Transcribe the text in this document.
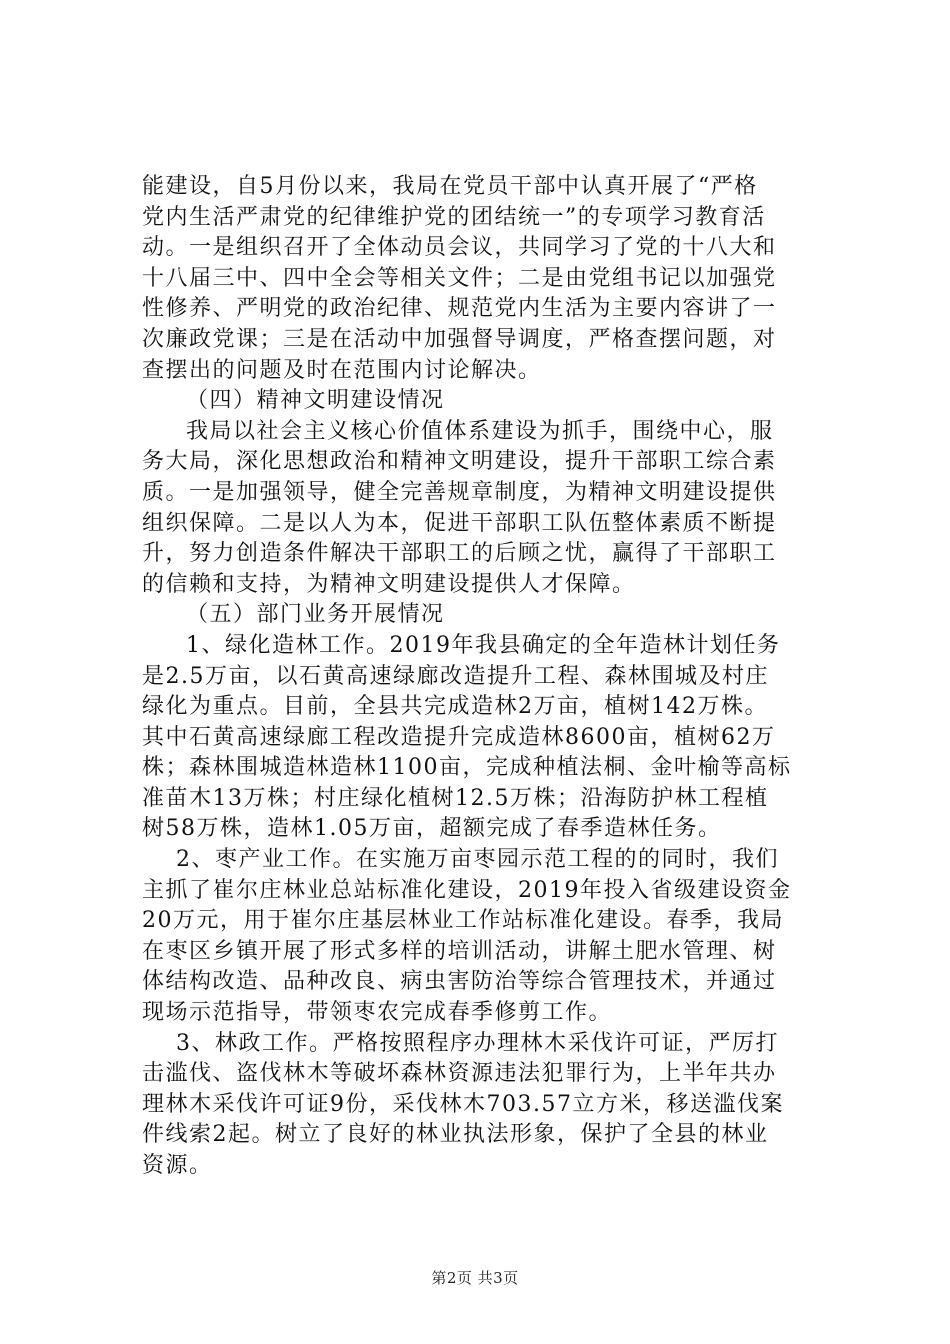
能建设，自5月份以来，我局在党员干部中认真开展了“严格
党内生活严肃党的纪律维护党的团结统一”的专项学习教育活
动。一是组织召开了全体动员会议，共同学习了党的十八大和
十八届三中、四中全会等相关文件；二是由党组书记以加强党
性修养、严明党的政治纪律、规范党内生活为主要内容讲了一
次廉政党课；三是在活动中加强督导调度，严格查摆问题，对
查摆出的问题及时在范围内讨论解决。
（四）精神文明建设情况
我局以社会主义核心价值体系建设为抓手，围绕中心，服
务大局，深化思想政治和精神文明建设，提升干部职工综合素
质。一是加强领导，健全完善规章制度，为精神文明建设提供
组织保障。二是以人为本，促进干部职工队伍整体素质不断提
升，努力创造条件解决干部职工的后顾之忧，赢得了干部职工
的信赖和支持，为精神文明建设提供人才保障。
（五）部门业务开展情况
1、绿化造林工作。2019年我县确定的全年造林计划任务
是2.5万亩，以石黄高速绿廊改造提升工程、森林围城及村庄
绿化为重点。目前，全县共完成造林2万亩，植树142万株。
其中石黄高速绿廊工程改造提升完成造林8600亩，植树62万
株；森林围城造林造林1100亩，完成种植法桐、金叶榆等高标
准苗木13万株；村庄绿化植树12.5万株；沿海防护林工程植
树58万株，造林1.05万亩，超额完成了春季造林任务。
2、枣产业工作。在实施万亩枣园示范工程的的同时，我们
主抓了崔尔庄林业总站标准化建设，2019年投入省级建设资金
20万元，用于崔尔庄基层林业工作站标准化建设。春季，我局
在枣区乡镇开展了形式多样的培训活动，讲解土肥水管理、树
体结构改造、品种改良、病虫害防治等综合管理技术，并通过
现场示范指导，带领枣农完成春季修剪工作。
3、林政工作。严格按照程序办理林木采伐许可证，严厉打
击滥伐、盗伐林木等破坏森林资源违法犯罪行为，上半年共办
理林木采伐许可证9份，采伐林木703.57立方米，移送滥伐案
件线索2起。树立了良好的林业执法形象，保护了全县的林业
资源。
第2页 共3页
